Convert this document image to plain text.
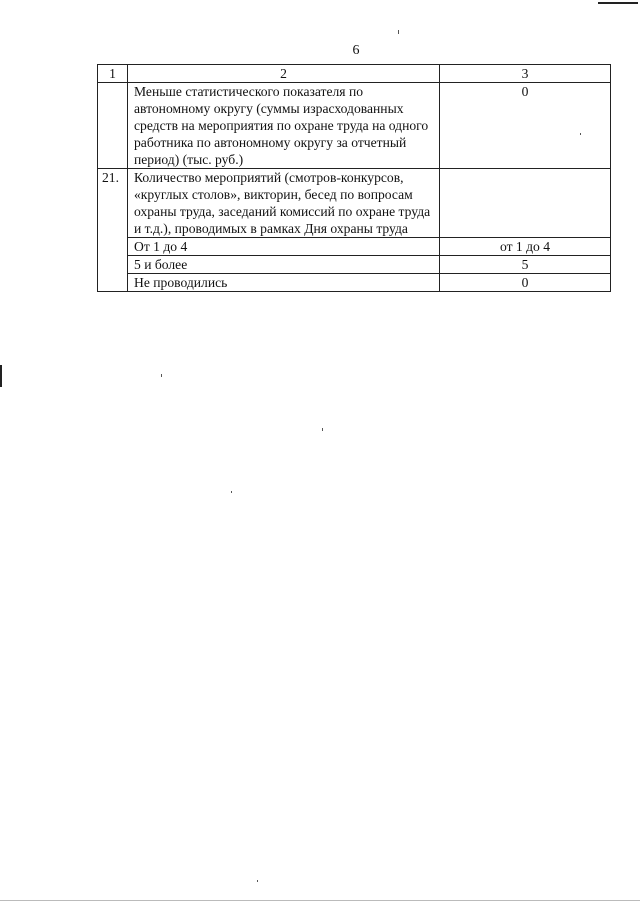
6
1	2	3
	Меньше статистического показателя по автономному округу (суммы израсходованных средств на мероприятия по охране труда на одного работника по автономному округу за отчетный период) (тыс. руб.)	0
21.	Количество мероприятий (смотров-конкурсов, «круглых столов», викторин, бесед по вопросам охраны труда, заседаний комиссий по охране труда и т.д.), проводимых в рамках Дня охраны труда	
	От 1 до 4	от 1 до 4
	5 и более	5
	Не проводились	0
